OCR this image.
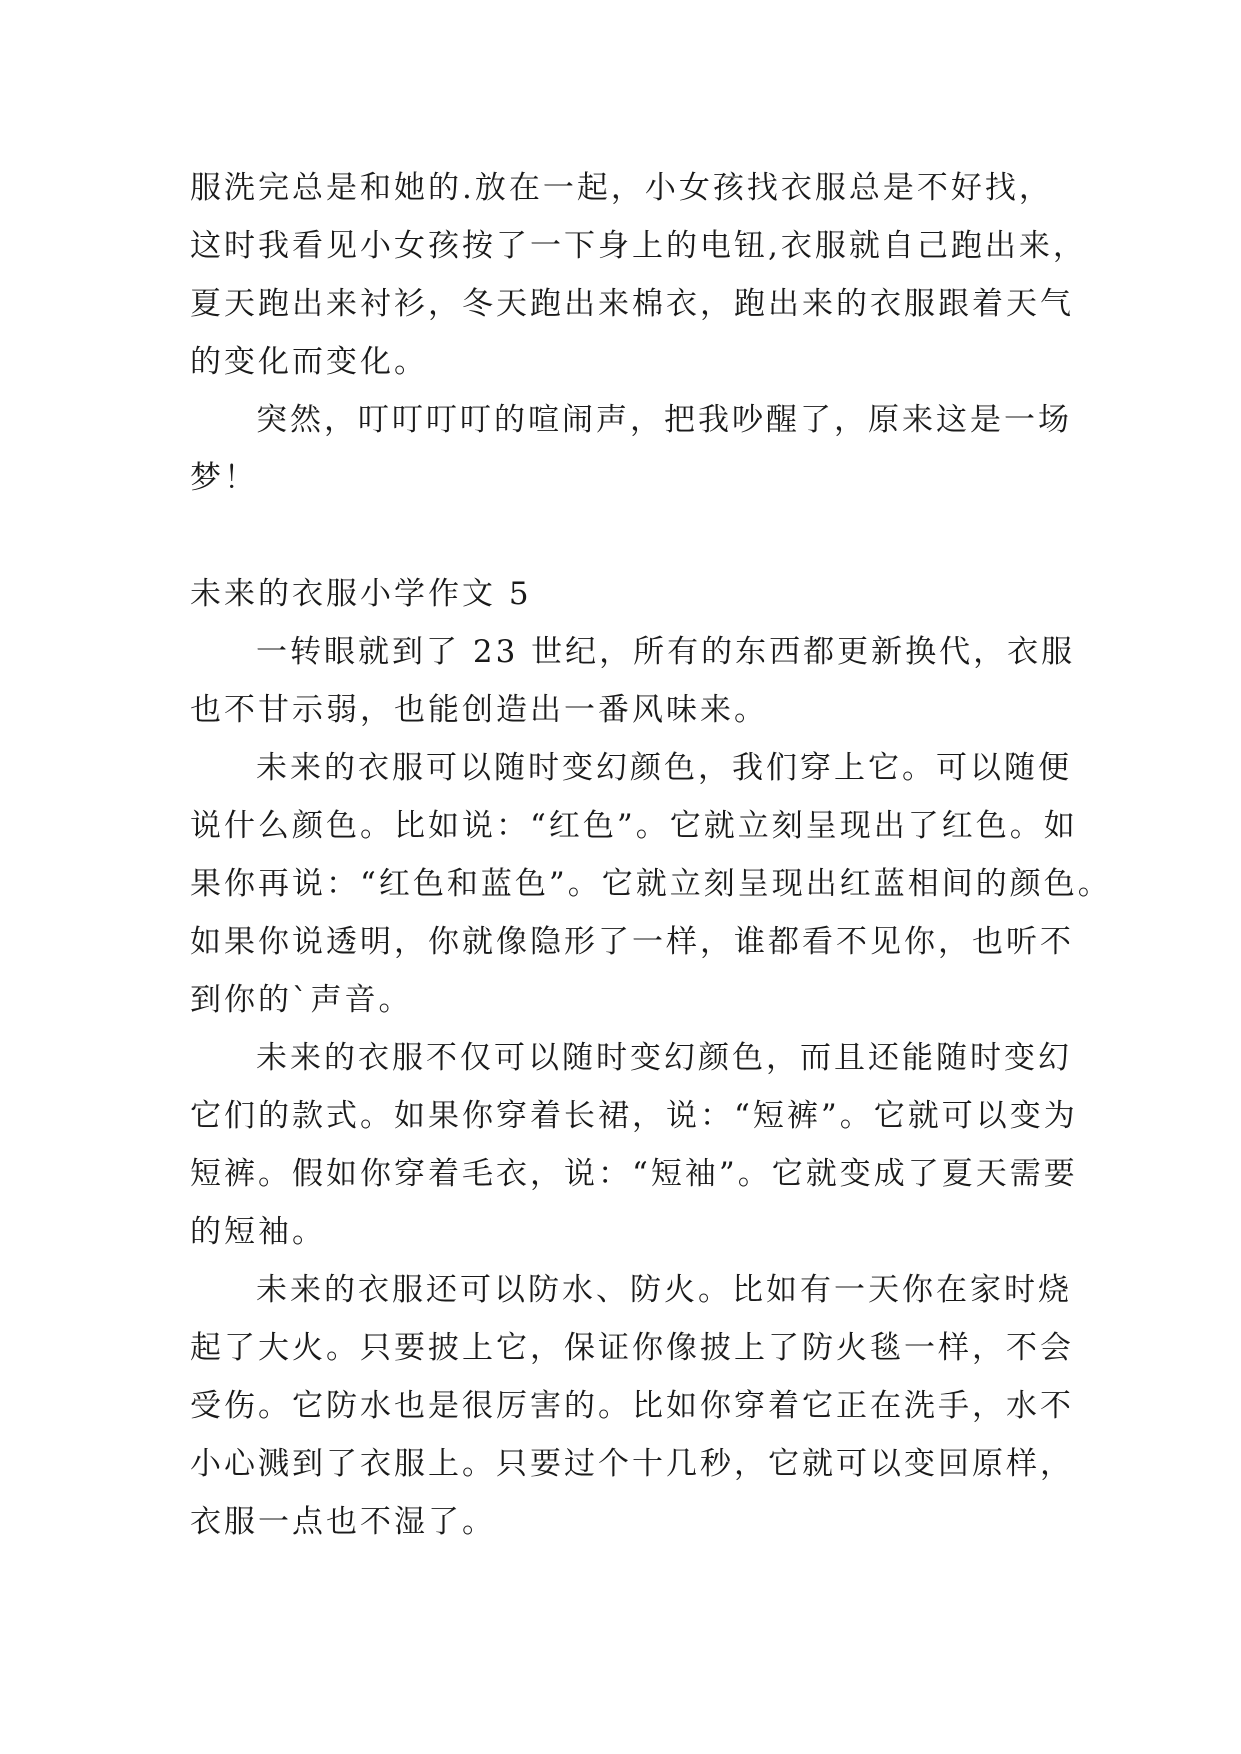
服洗完总是和她的.放在一起，小女孩找衣服总是不好找，
这时我看见小女孩按了一下身上的电钮,衣服就自己跑出来，
夏天跑出来衬衫，冬天跑出来棉衣，跑出来的衣服跟着天气
的变化而变化。
突然，叮叮叮叮的喧闹声，把我吵醒了，原来这是一场
梦！
未来的衣服小学作文 5
一转眼就到了 23 世纪，所有的东西都更新换代，衣服
也不甘示弱，也能创造出一番风味来。
未来的衣服可以随时变幻颜色，我们穿上它。可以随便
说什么颜色。比如说：“红色”。它就立刻呈现出了红色。如
果你再说：“红色和蓝色”。它就立刻呈现出红蓝相间的颜色。
如果你说透明，你就像隐形了一样，谁都看不见你，也听不
到你的`声音。
未来的衣服不仅可以随时变幻颜色，而且还能随时变幻
它们的款式。如果你穿着长裙，说：“短裤”。它就可以变为
短裤。假如你穿着毛衣，说：“短袖”。它就变成了夏天需要
的短袖。
未来的衣服还可以防水、防火。比如有一天你在家时烧
起了大火。只要披上它，保证你像披上了防火毯一样，不会
受伤。它防水也是很厉害的。比如你穿着它正在洗手，水不
小心溅到了衣服上。只要过个十几秒，它就可以变回原样，
衣服一点也不湿了。
